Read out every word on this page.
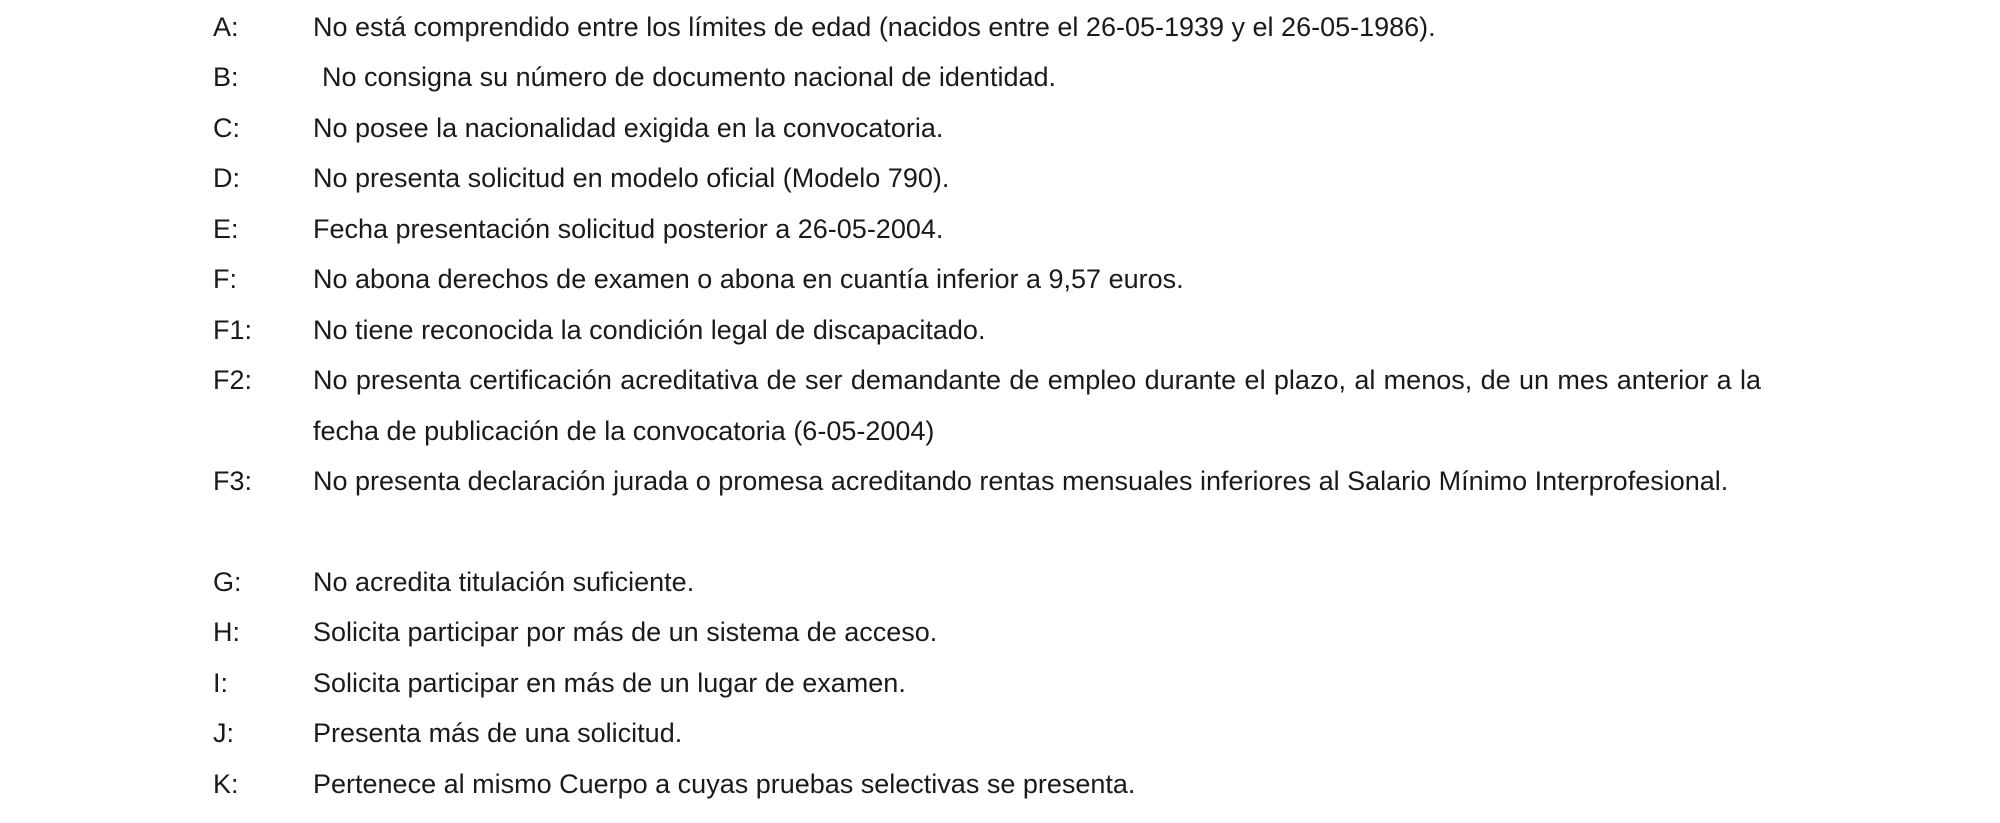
A:	No está comprendido entre los límites de edad (nacidos entre el 26-05-1939 y el 26-05-1986).
B:	No consigna su número de documento nacional de identidad.
C:	No posee la nacionalidad exigida en la convocatoria.
D:	No presenta solicitud en modelo oficial (Modelo 790).
E:	Fecha presentación solicitud posterior a 26-05-2004.
F:	No abona derechos de examen o abona en cuantía inferior a 9,57 euros.
F1: No tiene reconocida la condición legal de discapacitado.
F2: No presenta certificación acreditativa de ser demandante de empleo durante el plazo, al menos, de un mes anterior a la fecha de publicación de la convocatoria (6-05-2004)
F3: No presenta declaración jurada o promesa acreditando rentas mensuales inferiores al Salario Mínimo Interprofesional.
G:	No acredita titulación suficiente.
H:	Solicita participar por más de un sistema de acceso.
I:	Solicita participar en más de un lugar de examen.
J:	Presenta más de una solicitud.
K:	Pertenece al mismo Cuerpo a cuyas pruebas selectivas se presenta.
